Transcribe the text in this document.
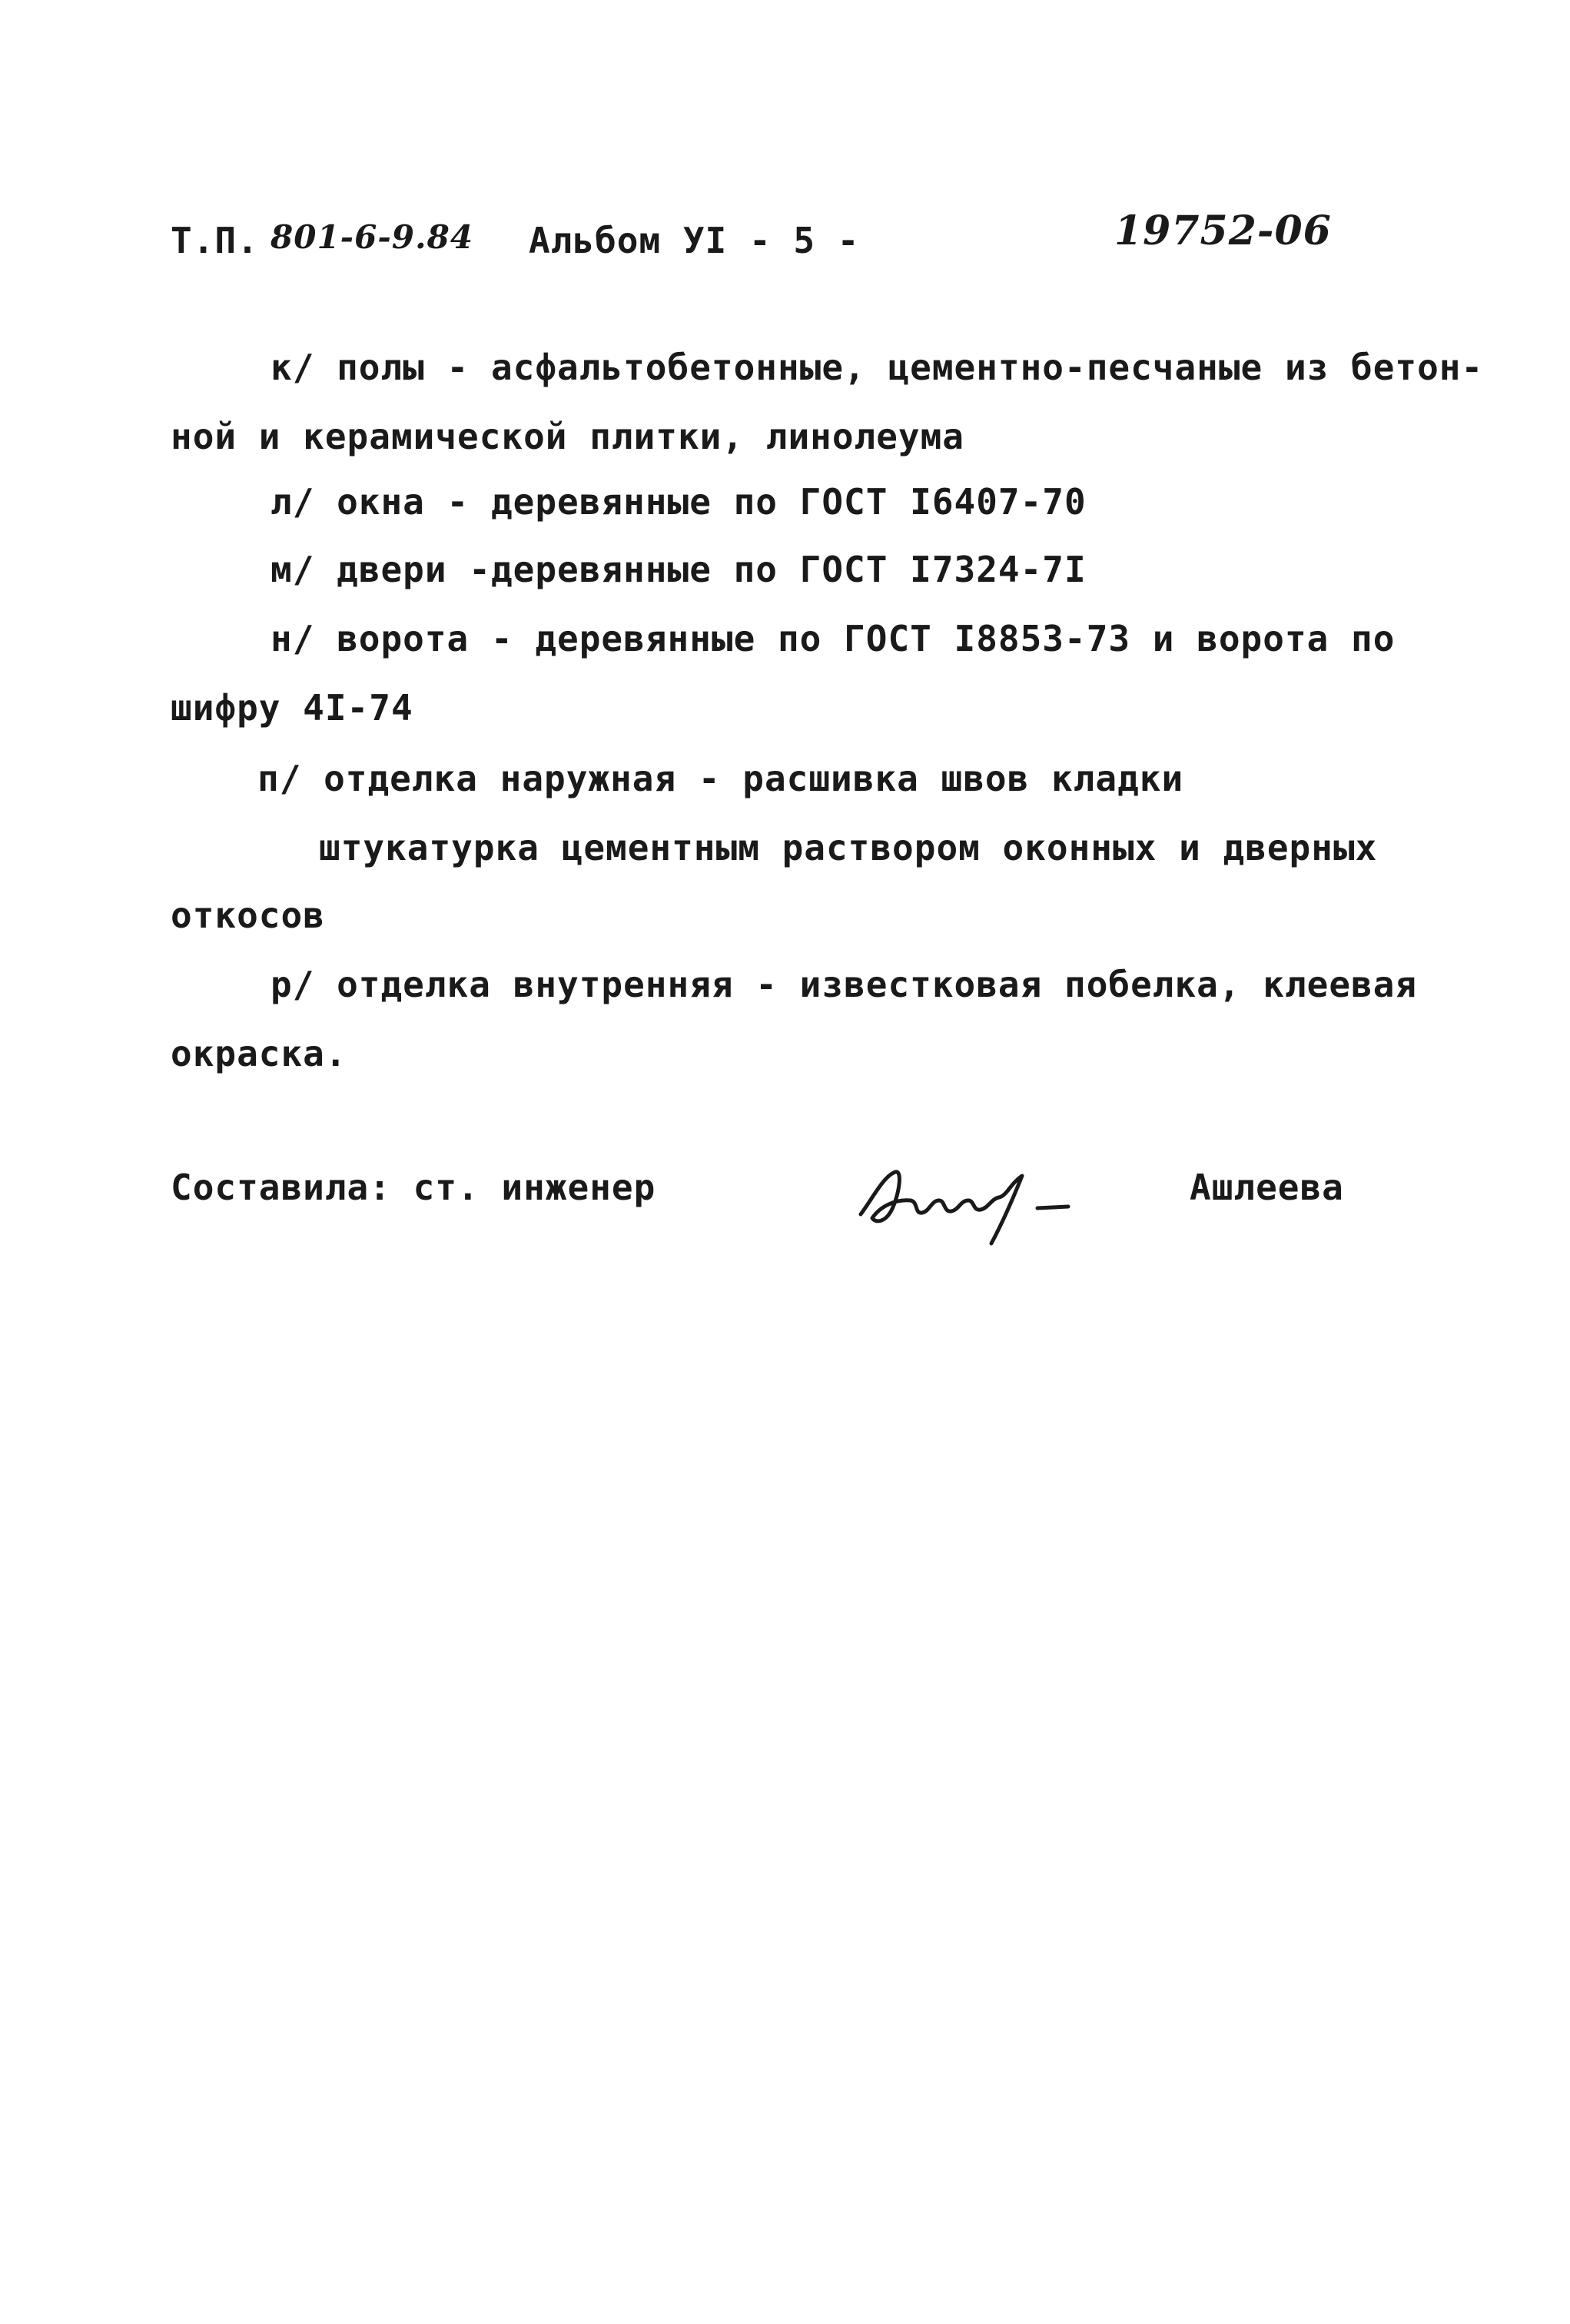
Т.П. 801-6-9.84 Альбом УI - 5 -	19752-06
к/ полы - асфальтобетонные, цементно-песчаные из бетон-
ной и керамической плитки, линолеума
л/ окна - деревянные по ГОСТ I6407-70
м/ двери -деревянные по ГОСТ I7324-7I
н/ ворота - деревянные по ГОСТ I8853-73 и ворота по
шифру 4I-74
п/ отделка наружная - расшивка швов кладки
штукатурка цементным раствором оконных и дверных
откосов
р/ отделка внутренняя - известковая побелка, клеевая
окраска.
Составила: ст. инженер	Ашлеева
